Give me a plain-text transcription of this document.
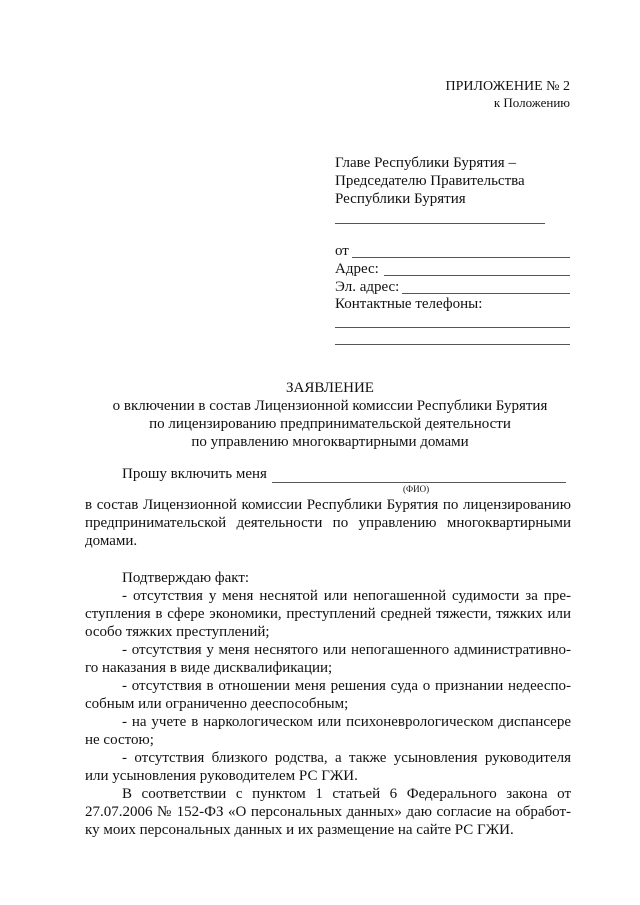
ПРИЛОЖЕНИЕ № 2
к Положению
Главе Республики Бурятия –
Председателю Правительства
Республики Бурятия
от
Адрес:
Эл. адрес:
Контактные телефоны:
ЗАЯВЛЕНИЕ
о включении в состав Лицензионной комиссии Республики Бурятия
по лицензированию предпринимательской деятельности
по управлению многоквартирными домами
Прошу включить меня
(ФИО)
в состав Лицензионной комиссии Республики Бурятия по лицензированию
предпринимательской деятельности по управлению многоквартирными
домами.
Подтверждаю факт:
- отсутствия у меня неснятой или непогашенной судимости за пре-
ступления в сфере экономики, преступлений средней тяжести, тяжких или
особо тяжких преступлений;
- отсутствия у меня неснятого или непогашенного административно-
го наказания в виде дисквалификации;
- отсутствия в отношении меня решения суда о признании недееспо-
собным или ограниченно дееспособным;
- на учете в наркологическом или психоневрологическом диспансере
не состою;
- отсутствия близкого родства, а также усыновления руководителя
или усыновления руководителем РС ГЖИ.
В соответствии с пунктом 1 статьей 6 Федерального закона от
27.07.2006 № 152-ФЗ «О персональных данных» даю согласие на обработ-
ку моих персональных данных и их размещение на сайте РС ГЖИ.
